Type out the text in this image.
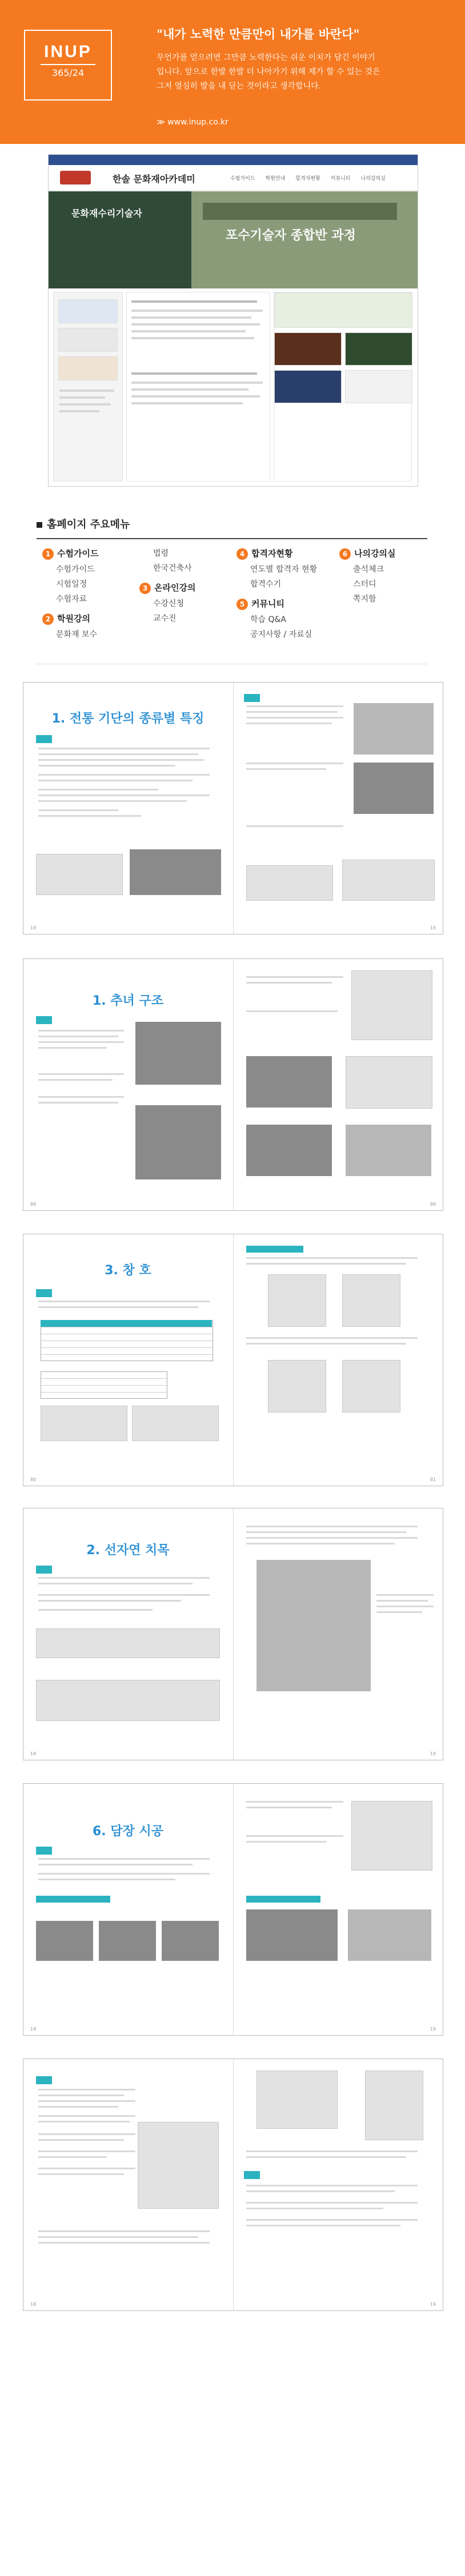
INUP
365/24
"내가 노력한 만큼만이 내가를 바란다"
무언가를 얻으려면 그만큼 노력한다는 쉬운 이치가 담긴 이야기
입니다. 앞으로 한발 한발 더 나아가기 위해 제가 할 수 있는 것은
그저 열심히 발을 내 딛는 것이라고 생각합니다.
≫ www.inup.co.kr
한솔 문화재아카데미	수험가이드 학원안내 합격자현황 커뮤니티 나의강의실
문화재수리기술자
포수기술자 종합반 과정
홈페이지 주요메뉴
1 수험가이드
수험가이드
시험일정
수험자료
2 학원강의
문화재 보수
법령
한국건축사
3 온라인강의
수강신청
교수진
4 합격자현황
연도별 합격자 현황
합격수기
5 커뮤니티
학습 Q&A
공지사항 / 자료실
6 나의강의실
출석체크
스터디
쪽지함
1. 전통 기단의 종류별 특징
18	19
1. 추녀 구조
88	89
3. 창 호
80	81
2. 선자연 치목
18	19
6. 담장 시공
18	19
18	19
